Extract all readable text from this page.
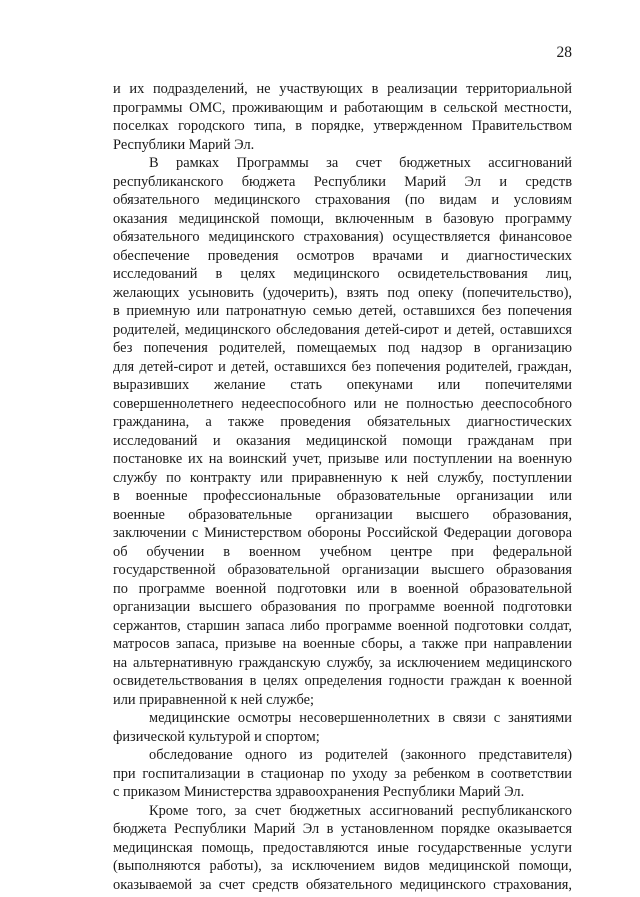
28
и их подразделений, не участвующих в реализации территориальной
программы ОМС, проживающим и работающим в сельской местности,
поселках городского типа, в порядке, утвержденном Правительством
Республики Марий Эл.
В рамках Программы за счет бюджетных ассигнований
республиканского бюджета Республики Марий Эл и средств
обязательного медицинского страхования (по видам и условиям
оказания медицинской помощи, включенным в базовую программу
обязательного медицинского страхования) осуществляется финансовое
обеспечение проведения осмотров врачами и диагностических
исследований в целях медицинского освидетельствования лиц,
желающих усыновить (удочерить), взять под опеку (попечительство),
в приемную или патронатную семью детей, оставшихся без попечения
родителей, медицинского обследования детей-сирот и детей, оставшихся
без попечения родителей, помещаемых под надзор в организацию
для детей-сирот и детей, оставшихся без попечения родителей, граждан,
выразивших желание стать опекунами или попечителями
совершеннолетнего недееспособного или не полностью дееспособного
гражданина, а также проведения обязательных диагностических
исследований и оказания медицинской помощи гражданам при
постановке их на воинский учет, призыве или поступлении на военную
службу по контракту или приравненную к ней службу, поступлении
в военные профессиональные образовательные организации или
военные образовательные организации высшего образования,
заключении с Министерством обороны Российской Федерации договора
об обучении в военном учебном центре при федеральной
государственной образовательной организации высшего образования
по программе военной подготовки или в военной образовательной
организации высшего образования по программе военной подготовки
сержантов, старшин запаса либо программе военной подготовки солдат,
матросов запаса, призыве на военные сборы, а также при направлении
на альтернативную гражданскую службу, за исключением медицинского
освидетельствования в целях определения годности граждан к военной
или приравненной к ней службе;
медицинские осмотры несовершеннолетних в связи с занятиями
физической культурой и спортом;
обследование одного из родителей (законного представителя)
при госпитализации в стационар по уходу за ребенком в соответствии
с приказом Министерства здравоохранения Республики Марий Эл.
Кроме того, за счет бюджетных ассигнований республиканского
бюджета Республики Марий Эл в установленном порядке оказывается
медицинская помощь, предоставляются иные государственные услуги
(выполняются работы), за исключением видов медицинской помощи,
оказываемой за счет средств обязательного медицинского страхования,
